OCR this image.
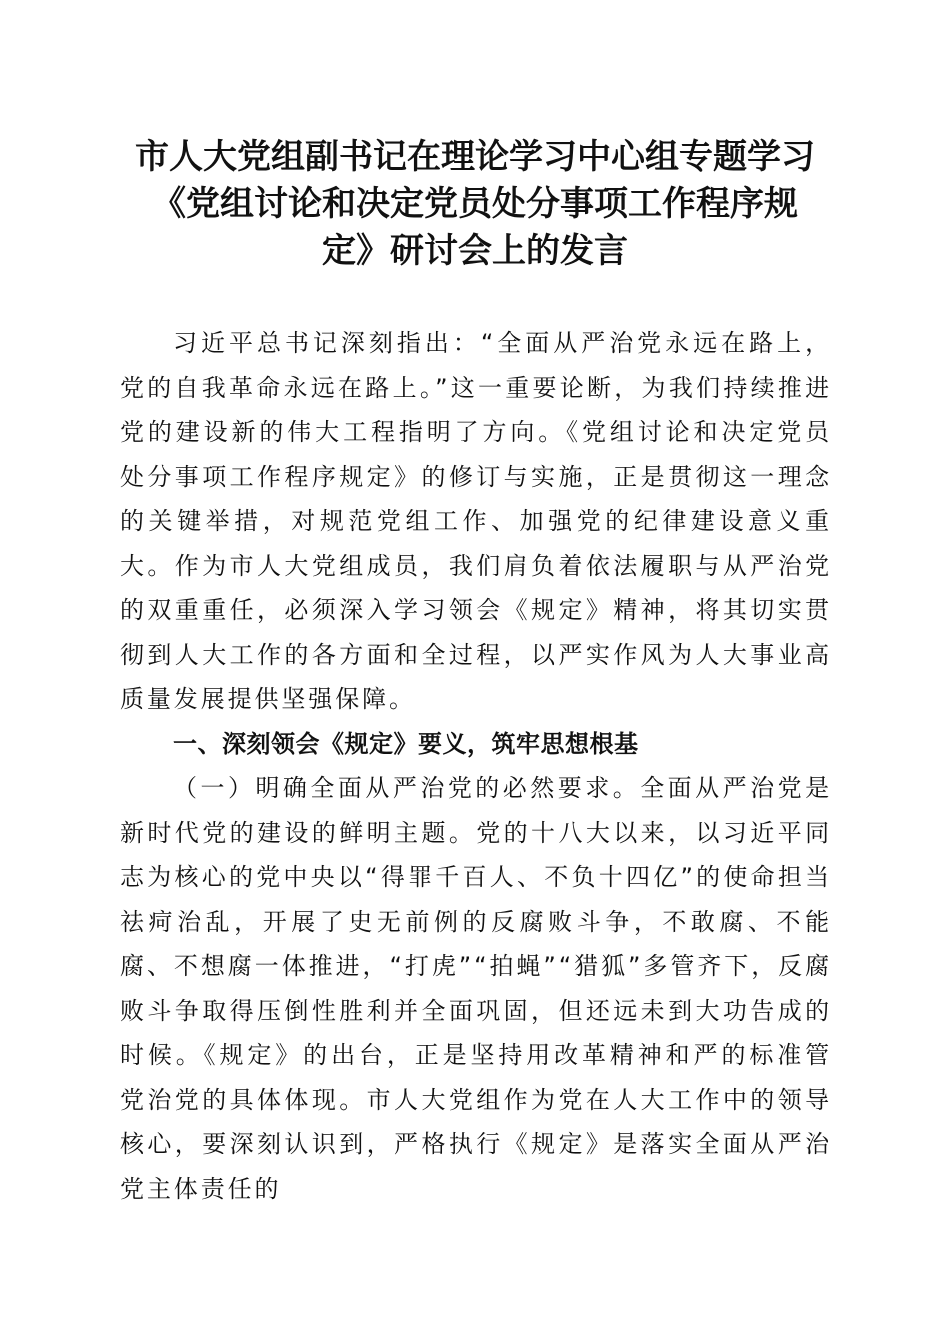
市人大党组副书记在理论学习中心组专题学习
《党组讨论和决定党员处分事项工作程序规
定》研讨会上的发言

习近平总书记深刻指出：“全面从严治党永远在路上，党的自我革命永远在路上。”这一重要论断，为我们持续推进党的建设新的伟大工程指明了方向。《党组讨论和决定党员处分事项工作程序规定》的修订与实施，正是贯彻这一理念的关键举措，对规范党组工作、加强党的纪律建设意义重大。作为市人大党组成员，我们肩负着依法履职与从严治党的双重重任，必须深入学习领会《规定》精神，将其切实贯彻到人大工作的各方面和全过程，以严实作风为人大事业高质量发展提供坚强保障。

一、深刻领会《规定》要义，筑牢思想根基

（一）明确全面从严治党的必然要求。全面从严治党是新时代党的建设的鲜明主题。党的十八大以来，以习近平同志为核心的党中央以“得罪千百人、不负十四亿”的使命担当祛疴治乱，开展了史无前例的反腐败斗争，不敢腐、不能腐、不想腐一体推进，“打虎”“拍蝇”“猎狐”多管齐下，反腐败斗争取得压倒性胜利并全面巩固，但还远未到大功告成的时候。《规定》的出台，正是坚持用改革精神和严的标准管党治党的具体体现。市人大党组作为党在人大工作中的领导核心，要深刻认识到，严格执行《规定》是落实全面从严治党主体责任的
